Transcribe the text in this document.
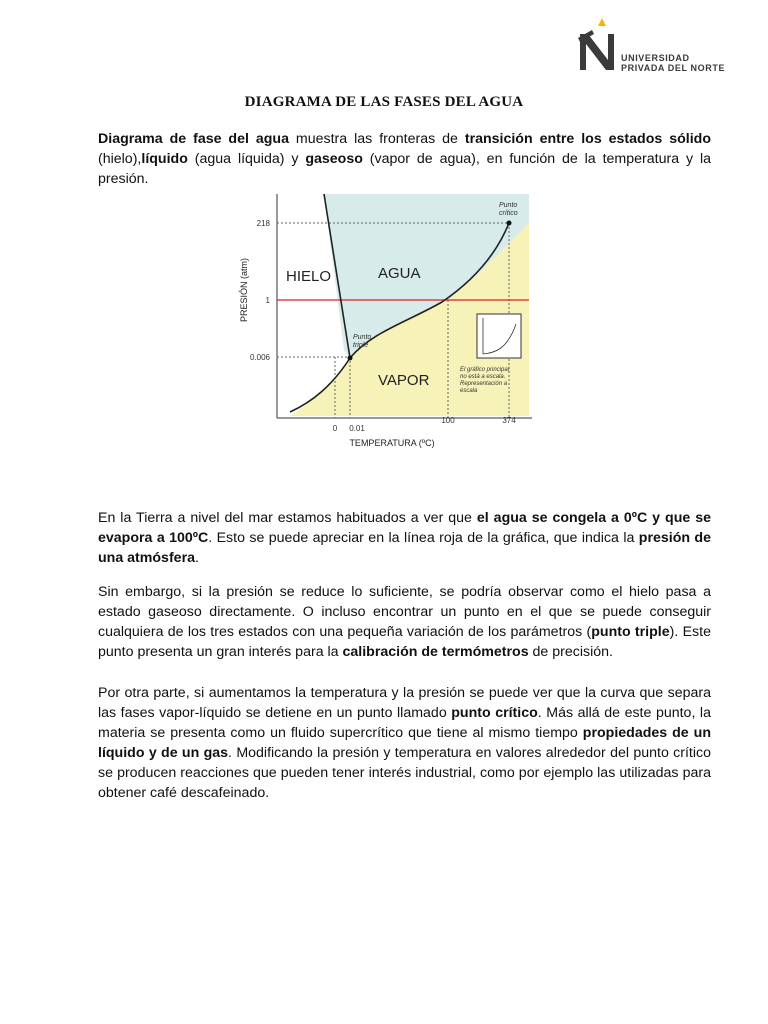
UNIVERSIDAD
PRIVADA DEL NORTE
DIAGRAMA DE LAS FASES DEL AGUA

Diagrama de fase del agua muestra las fronteras de transición entre los estados sólido (hielo),líquido (agua líquida) y gaseoso (vapor de agua), en función de la temperatura y la presión.

218
1
0.006
0 0.01
100	374
TEMPERATURA (ºC)
PRESIÓN (atm) HIELO	AGUA
VAPOR
Punto
triple
Punto
crítico
El gráfico principal
no está a escala.
Representación a
escala

En la Tierra a nivel del mar estamos habituados a ver que el agua se congela a 0ºC y que se evapora a 100ºC. Esto se puede apreciar en la línea roja de la gráfica, que indica la presión de una atmósfera.

Sin embargo, si la presión se reduce lo suficiente, se podría observar como el hielo pasa a estado gaseoso directamente. O incluso encontrar un punto en el que se puede conseguir cualquiera de los tres estados con una pequeña variación de los parámetros (punto triple). Este punto presenta un gran interés para la calibración de termómetros de precisión.

Por otra parte, si aumentamos la temperatura y la presión se puede ver que la curva que separa las fases vapor-líquido se detiene en un punto llamado punto crítico. Más allá de este punto, la materia se presenta como un fluido supercrítico que tiene al mismo tiempo propiedades de un líquido y de un gas. Modificando la presión y temperatura en valores alrededor del punto crítico se producen reacciones que pueden tener interés industrial, como por ejemplo las utilizadas para obtener café descafeinado.
